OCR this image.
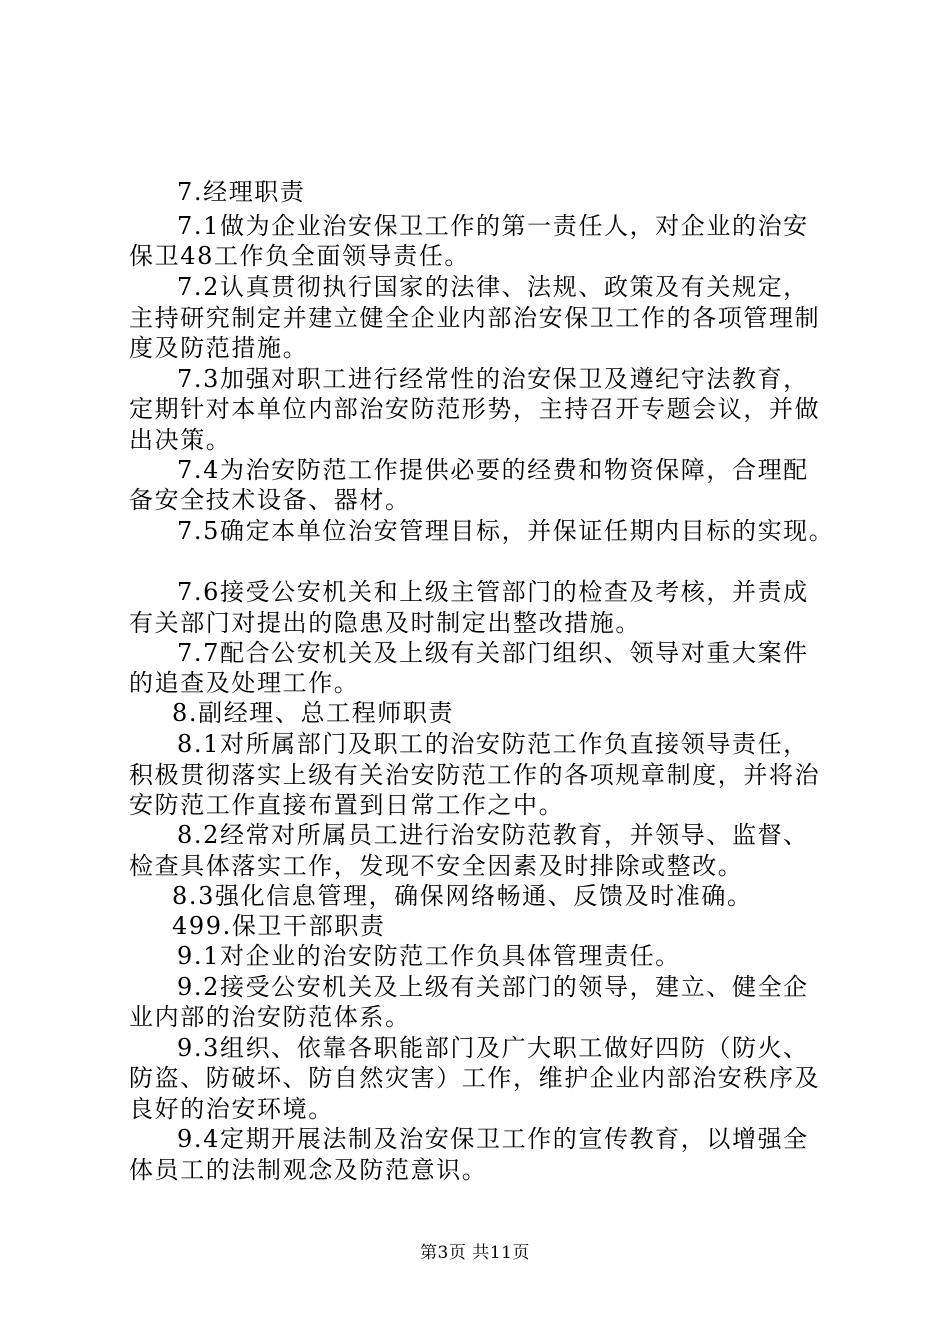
7.经理职责
7.1做为企业治安保卫工作的第一责任人，对企业的治安
保卫48工作负全面领导责任。
7.2认真贯彻执行国家的法律、法规、政策及有关规定，
主持研究制定并建立健全企业内部治安保卫工作的各项管理制
度及防范措施。
7.3加强对职工进行经常性的治安保卫及遵纪守法教育，
定期针对本单位内部治安防范形势，主持召开专题会议，并做
出决策。
7.4为治安防范工作提供必要的经费和物资保障，合理配
备安全技术设备、器材。
7.5确定本单位治安管理目标，并保证任期内目标的实现。
7.6接受公安机关和上级主管部门的检查及考核，并责成
有关部门对提出的隐患及时制定出整改措施。
7.7配合公安机关及上级有关部门组织、领导对重大案件
的追查及处理工作。
8.副经理、总工程师职责
8.1对所属部门及职工的治安防范工作负直接领导责任，
积极贯彻落实上级有关治安防范工作的各项规章制度，并将治
安防范工作直接布置到日常工作之中。
8.2经常对所属员工进行治安防范教育，并领导、监督、
检查具体落实工作，发现不安全因素及时排除或整改。
8.3强化信息管理，确保网络畅通、反馈及时准确。
499.保卫干部职责
9.1对企业的治安防范工作负具体管理责任。
9.2接受公安机关及上级有关部门的领导，建立、健全企
业内部的治安防范体系。
9.3组织、依靠各职能部门及广大职工做好四防（防火、
防盗、防破坏、防自然灾害）工作，维护企业内部治安秩序及
良好的治安环境。
9.4定期开展法制及治安保卫工作的宣传教育，以增强全
体员工的法制观念及防范意识。
第3页 共11页
